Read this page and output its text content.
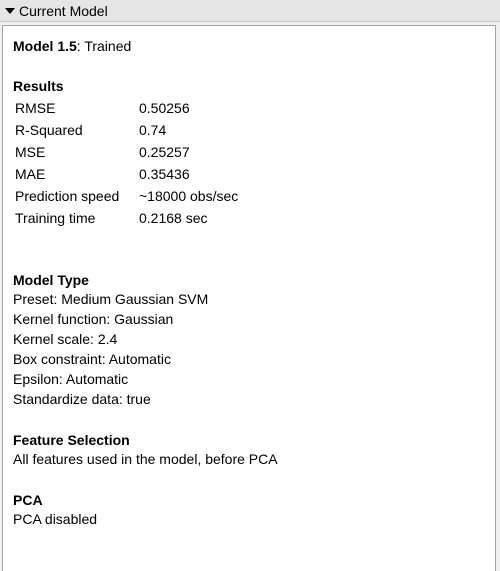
Current Model
Model 1.5: Trained
Results
RMSE	0.50256
R-Squared	0.74
MSE	0.25257
MAE	0.35436
Prediction speed	~18000 obs/sec
Training time	0.2168 sec
Model Type
Preset: Medium Gaussian SVM
Kernel function: Gaussian
Kernel scale: 2.4
Box constraint: Automatic
Epsilon: Automatic
Standardize data: true
Feature Selection
All features used in the model, before PCA
PCA
PCA disabled
